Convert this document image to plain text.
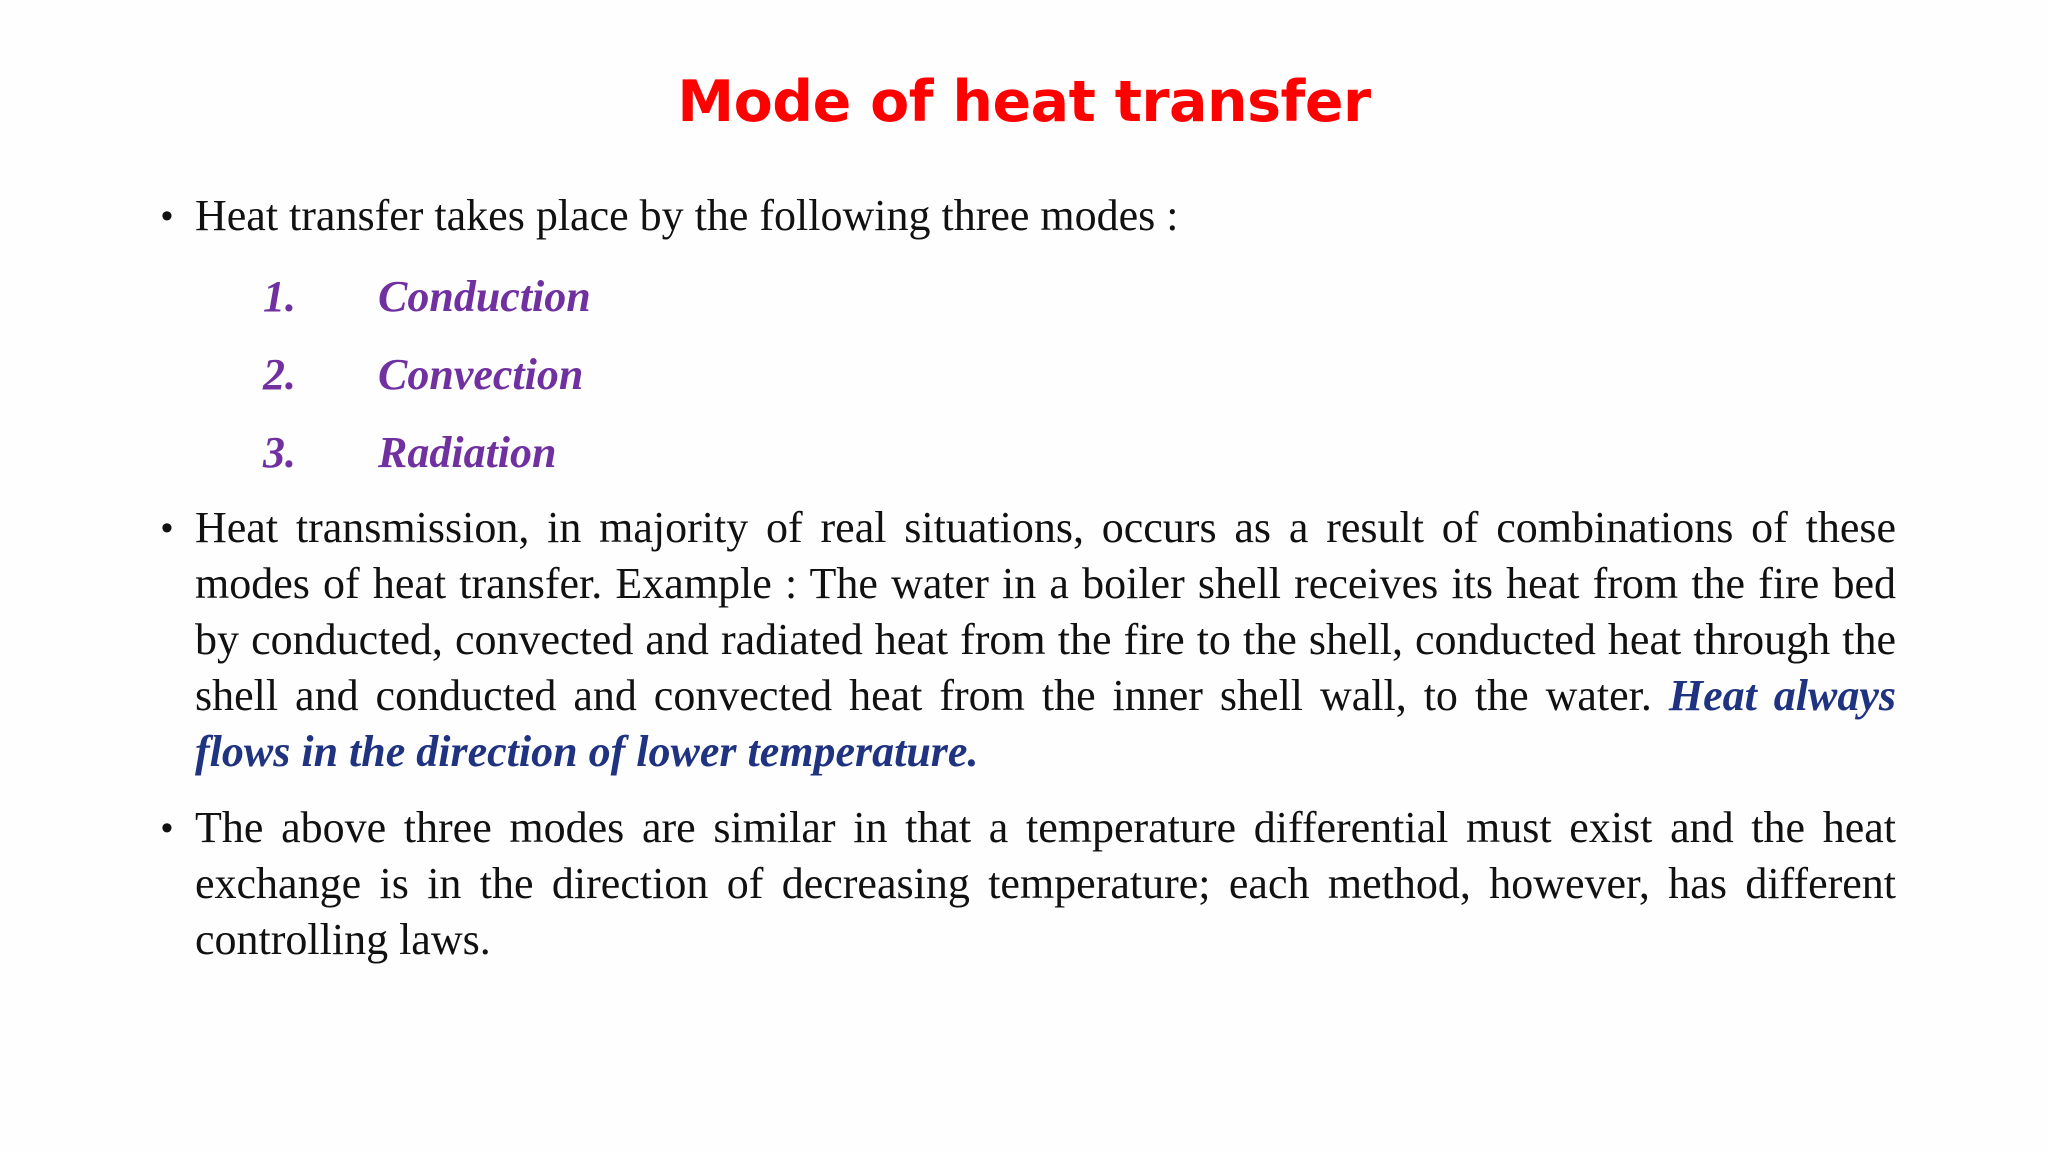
Mode of heat transfer
• Heat transfer takes place by the following three modes :
1. Conduction
2. Convection
3. Radiation
• Heat transmission, in majority of real situations, occurs as a result of combinations of these modes of heat transfer. Example : The water in a boiler shell receives its heat from the fire bed by conducted, convected and radiated heat from the fire to the shell, conducted heat through the shell and conducted and convected heat from the inner shell wall, to the water. Heat always flows in the direction of lower temperature.
• The above three modes are similar in that a temperature differential must exist and the heat exchange is in the direction of decreasing temperature; each method, however, has different controlling laws.
